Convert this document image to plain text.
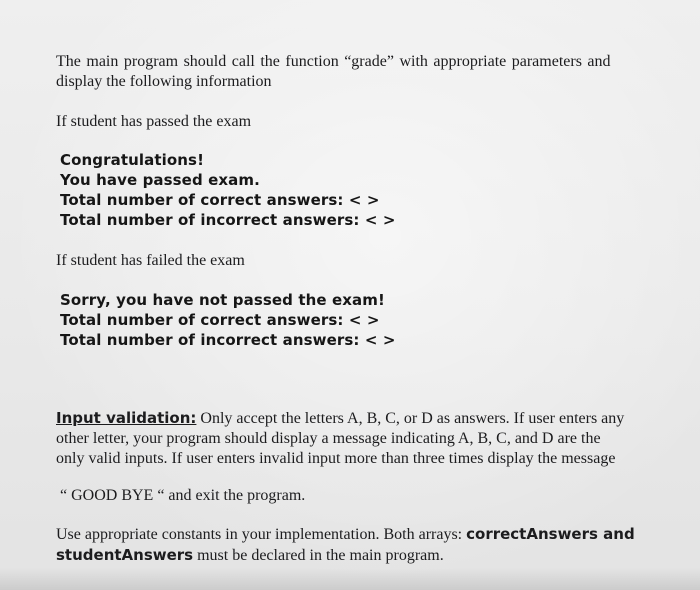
The main program should call the function “grade” with appropriate parameters and
display the following information

If student has passed the exam

Congratulations!
You have passed exam.
Total number of correct answers: < >
Total number of incorrect answers: < >

If student has failed the exam

Sorry, you have not passed the exam!
Total number of correct answers: < >
Total number of incorrect answers: < >

Input validation: Only accept the letters A, B, C, or D as answers. If user enters any
other letter, your program should display a message indicating A, B, C, and D are the
only valid inputs. If user enters invalid input more than three times display the message

“ GOOD BYE “ and exit the program.

Use appropriate constants in your implementation. Both arrays: correctAnswers and
studentAnswers must be declared in the main program.
